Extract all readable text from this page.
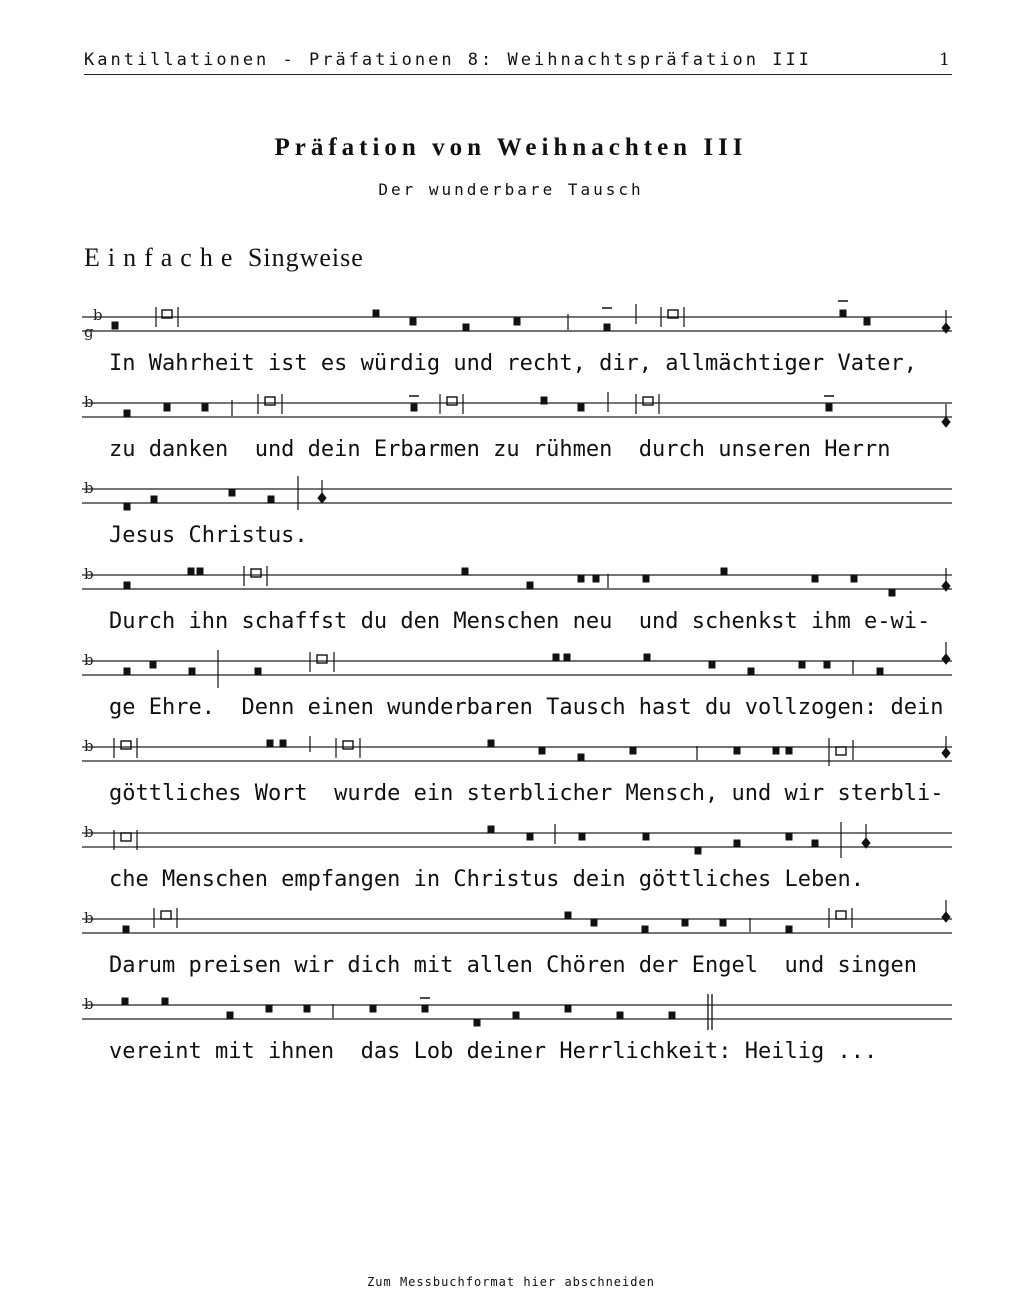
Kantillationen - Präfationen 8: Weihnachtspräfation III	1
Präfation von Weihnachten III
Der wunderbare Tausch
Einfache Singweise
b
g
b
b
b
b
b
b
b
b
In Wahrheit ist es würdig und recht, dir, allmächtiger Vater,
zu danken  und dein Erbarmen zu rühmen  durch unseren Herrn
Jesus Christus.
Durch ihn schaffst du den Menschen neu  und schenkst ihm e-wi-
ge Ehre.  Denn einen wunderbaren Tausch hast du vollzogen: dein
göttliches Wort  wurde ein sterblicher Mensch, und wir sterbli-
che Menschen empfangen in Christus dein göttliches Leben.
Darum preisen wir dich mit allen Chören der Engel  und singen
vereint mit ihnen  das Lob deiner Herrlichkeit: Heilig ...
Zum Messbuchformat hier abschneiden
